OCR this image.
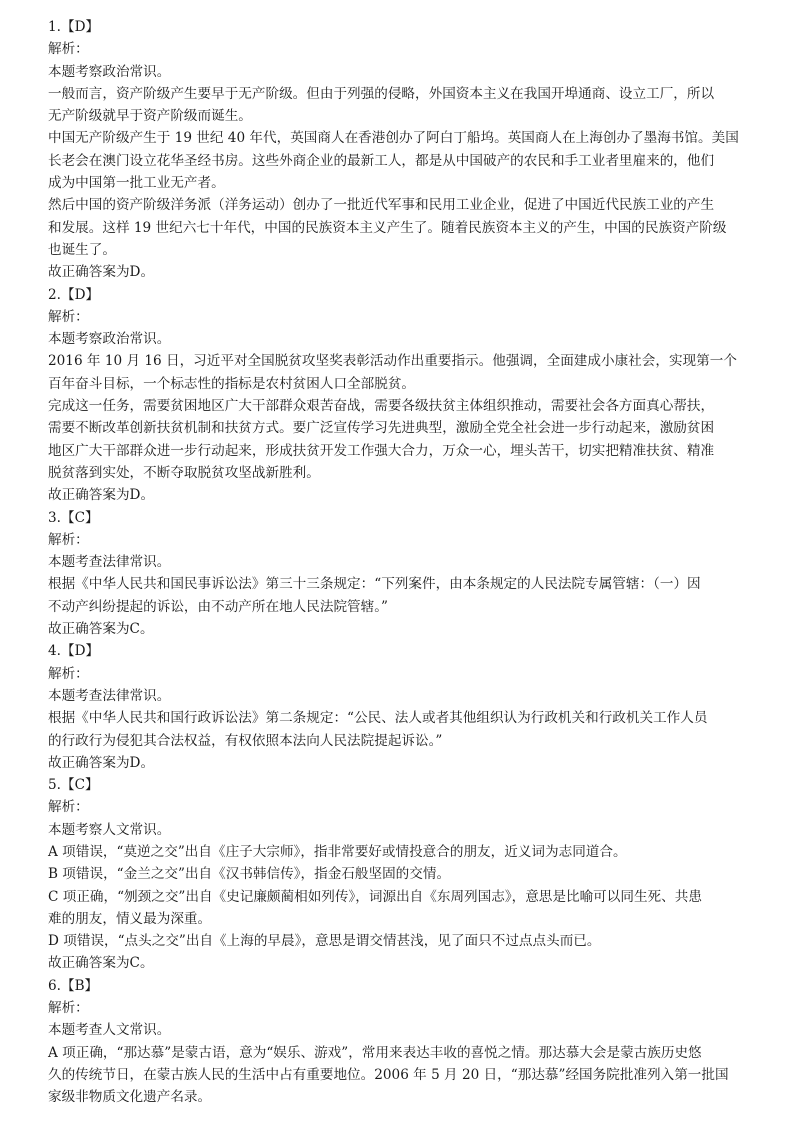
1.【D】
解析：
本题考察政治常识。
一般而言，资产阶级产生要早于无产阶级。但由于列强的侵略，外国资本主义在我国开埠通商、设立工厂，所以
无产阶级就早于资产阶级而诞生。
中国无产阶级产生于 19 世纪 40 年代，英国商人在香港创办了阿白丁船坞。英国商人在上海创办了墨海书馆。美国
长老会在澳门设立花华圣经书房。这些外商企业的最新工人，都是从中国破产的农民和手工业者里雇来的，他们
成为中国第一批工业无产者。
然后中国的资产阶级洋务派（洋务运动）创办了一批近代军事和民用工业企业，促进了中国近代民族工业的产生
和发展。这样 19 世纪六七十年代，中国的民族资本主义产生了。随着民族资本主义的产生，中国的民族资产阶级
也诞生了。
故正确答案为D。
2.【D】
解析：
本题考察政治常识。
2016 年 10 月 16 日，习近平对全国脱贫攻坚奖表彰活动作出重要指示。他强调，全面建成小康社会，实现第一个
百年奋斗目标，一个标志性的指标是农村贫困人口全部脱贫。
完成这一任务，需要贫困地区广大干部群众艰苦奋战，需要各级扶贫主体组织推动，需要社会各方面真心帮扶，
需要不断改革创新扶贫机制和扶贫方式。要广泛宣传学习先进典型，激励全党全社会进一步行动起来，激励贫困
地区广大干部群众进一步行动起来，形成扶贫开发工作强大合力，万众一心，埋头苦干，切实把精准扶贫、精准
脱贫落到实处，不断夺取脱贫攻坚战新胜利。
故正确答案为D。
3.【C】
解析：
本题考查法律常识。
根据《中华人民共和国民事诉讼法》第三十三条规定：“下列案件，由本条规定的人民法院专属管辖：（一）因
不动产纠纷提起的诉讼，由不动产所在地人民法院管辖。”
故正确答案为C。
4.【D】
解析：
本题考查法律常识。
根据《中华人民共和国行政诉讼法》第二条规定：“公民、法人或者其他组织认为行政机关和行政机关工作人员
的行政行为侵犯其合法权益，有权依照本法向人民法院提起诉讼。”
故正确答案为D。
5.【C】
解析：
本题考察人文常识。
A 项错误，“莫逆之交”出自《庄子大宗师》，指非常要好或情投意合的朋友，近义词为志同道合。
B 项错误，“金兰之交”出自《汉书韩信传》，指金石般坚固的交情。
C 项正确，“刎颈之交”出自《史记廉颇蔺相如列传》，词源出自《东周列国志》，意思是比喻可以同生死、共患
难的朋友，情义最为深重。
D 项错误，“点头之交”出自《上海的早晨》，意思是谓交情甚浅，见了面只不过点点头而已。
故正确答案为C。
6.【B】
解析：
本题考查人文常识。
A 项正确，“那达慕”是蒙古语，意为“娱乐、游戏”，常用来表达丰收的喜悦之情。那达慕大会是蒙古族历史悠
久的传统节日，在蒙古族人民的生活中占有重要地位。2006 年 5 月 20 日，“那达慕”经国务院批准列入第一批国
家级非物质文化遗产名录。
